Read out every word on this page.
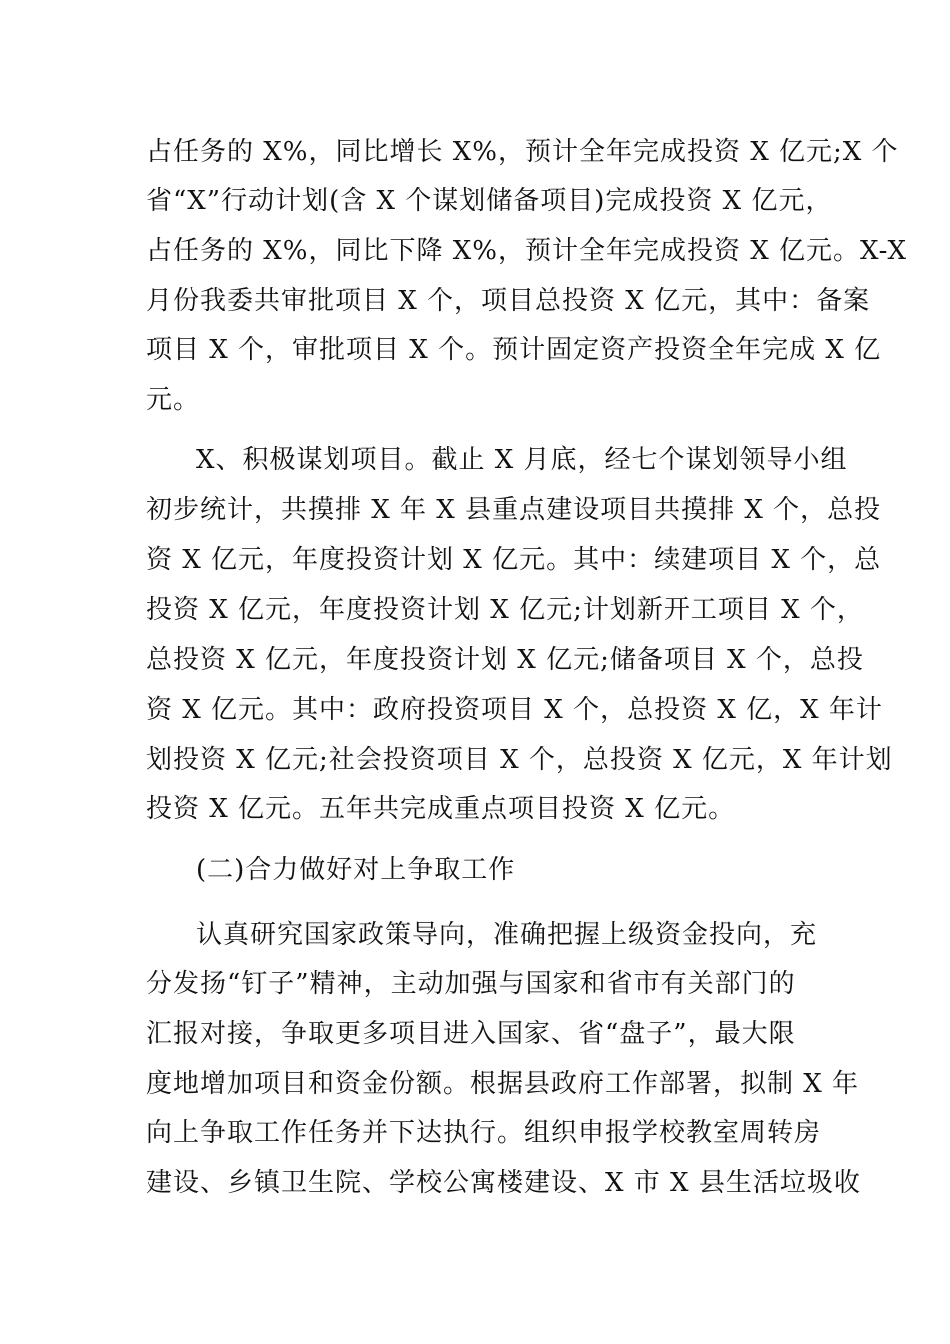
占任务的 X%，同比增长 X%，预计全年完成投资 X 亿元;X 个
省“X”行动计划(含 X 个谋划储备项目)完成投资 X 亿元，
占任务的 X%，同比下降 X%，预计全年完成投资 X 亿元。X-X
月份我委共审批项目 X 个，项目总投资 X 亿元，其中：备案
项目 X 个，审批项目 X 个。预计固定资产投资全年完成 X 亿
元。
X、积极谋划项目。截止 X 月底，经七个谋划领导小组
初步统计，共摸排 X 年 X 县重点建设项目共摸排 X 个，总投
资 X 亿元，年度投资计划 X 亿元。其中：续建项目 X 个，总
投资 X 亿元，年度投资计划 X 亿元;计划新开工项目 X 个，
总投资 X 亿元，年度投资计划 X 亿元;储备项目 X 个，总投
资 X 亿元。其中：政府投资项目 X 个，总投资 X 亿，X 年计
划投资 X 亿元;社会投资项目 X 个，总投资 X 亿元，X 年计划
投资 X 亿元。五年共完成重点项目投资 X 亿元。
(二)合力做好对上争取工作
认真研究国家政策导向，准确把握上级资金投向，充
分发扬“钉子”精神，主动加强与国家和省市有关部门的
汇报对接，争取更多项目进入国家、省“盘子”，最大限
度地增加项目和资金份额。根据县政府工作部署，拟制 X 年
向上争取工作任务并下达执行。组织申报学校教室周转房
建设、乡镇卫生院、学校公寓楼建设、X 市 X 县生活垃圾收
